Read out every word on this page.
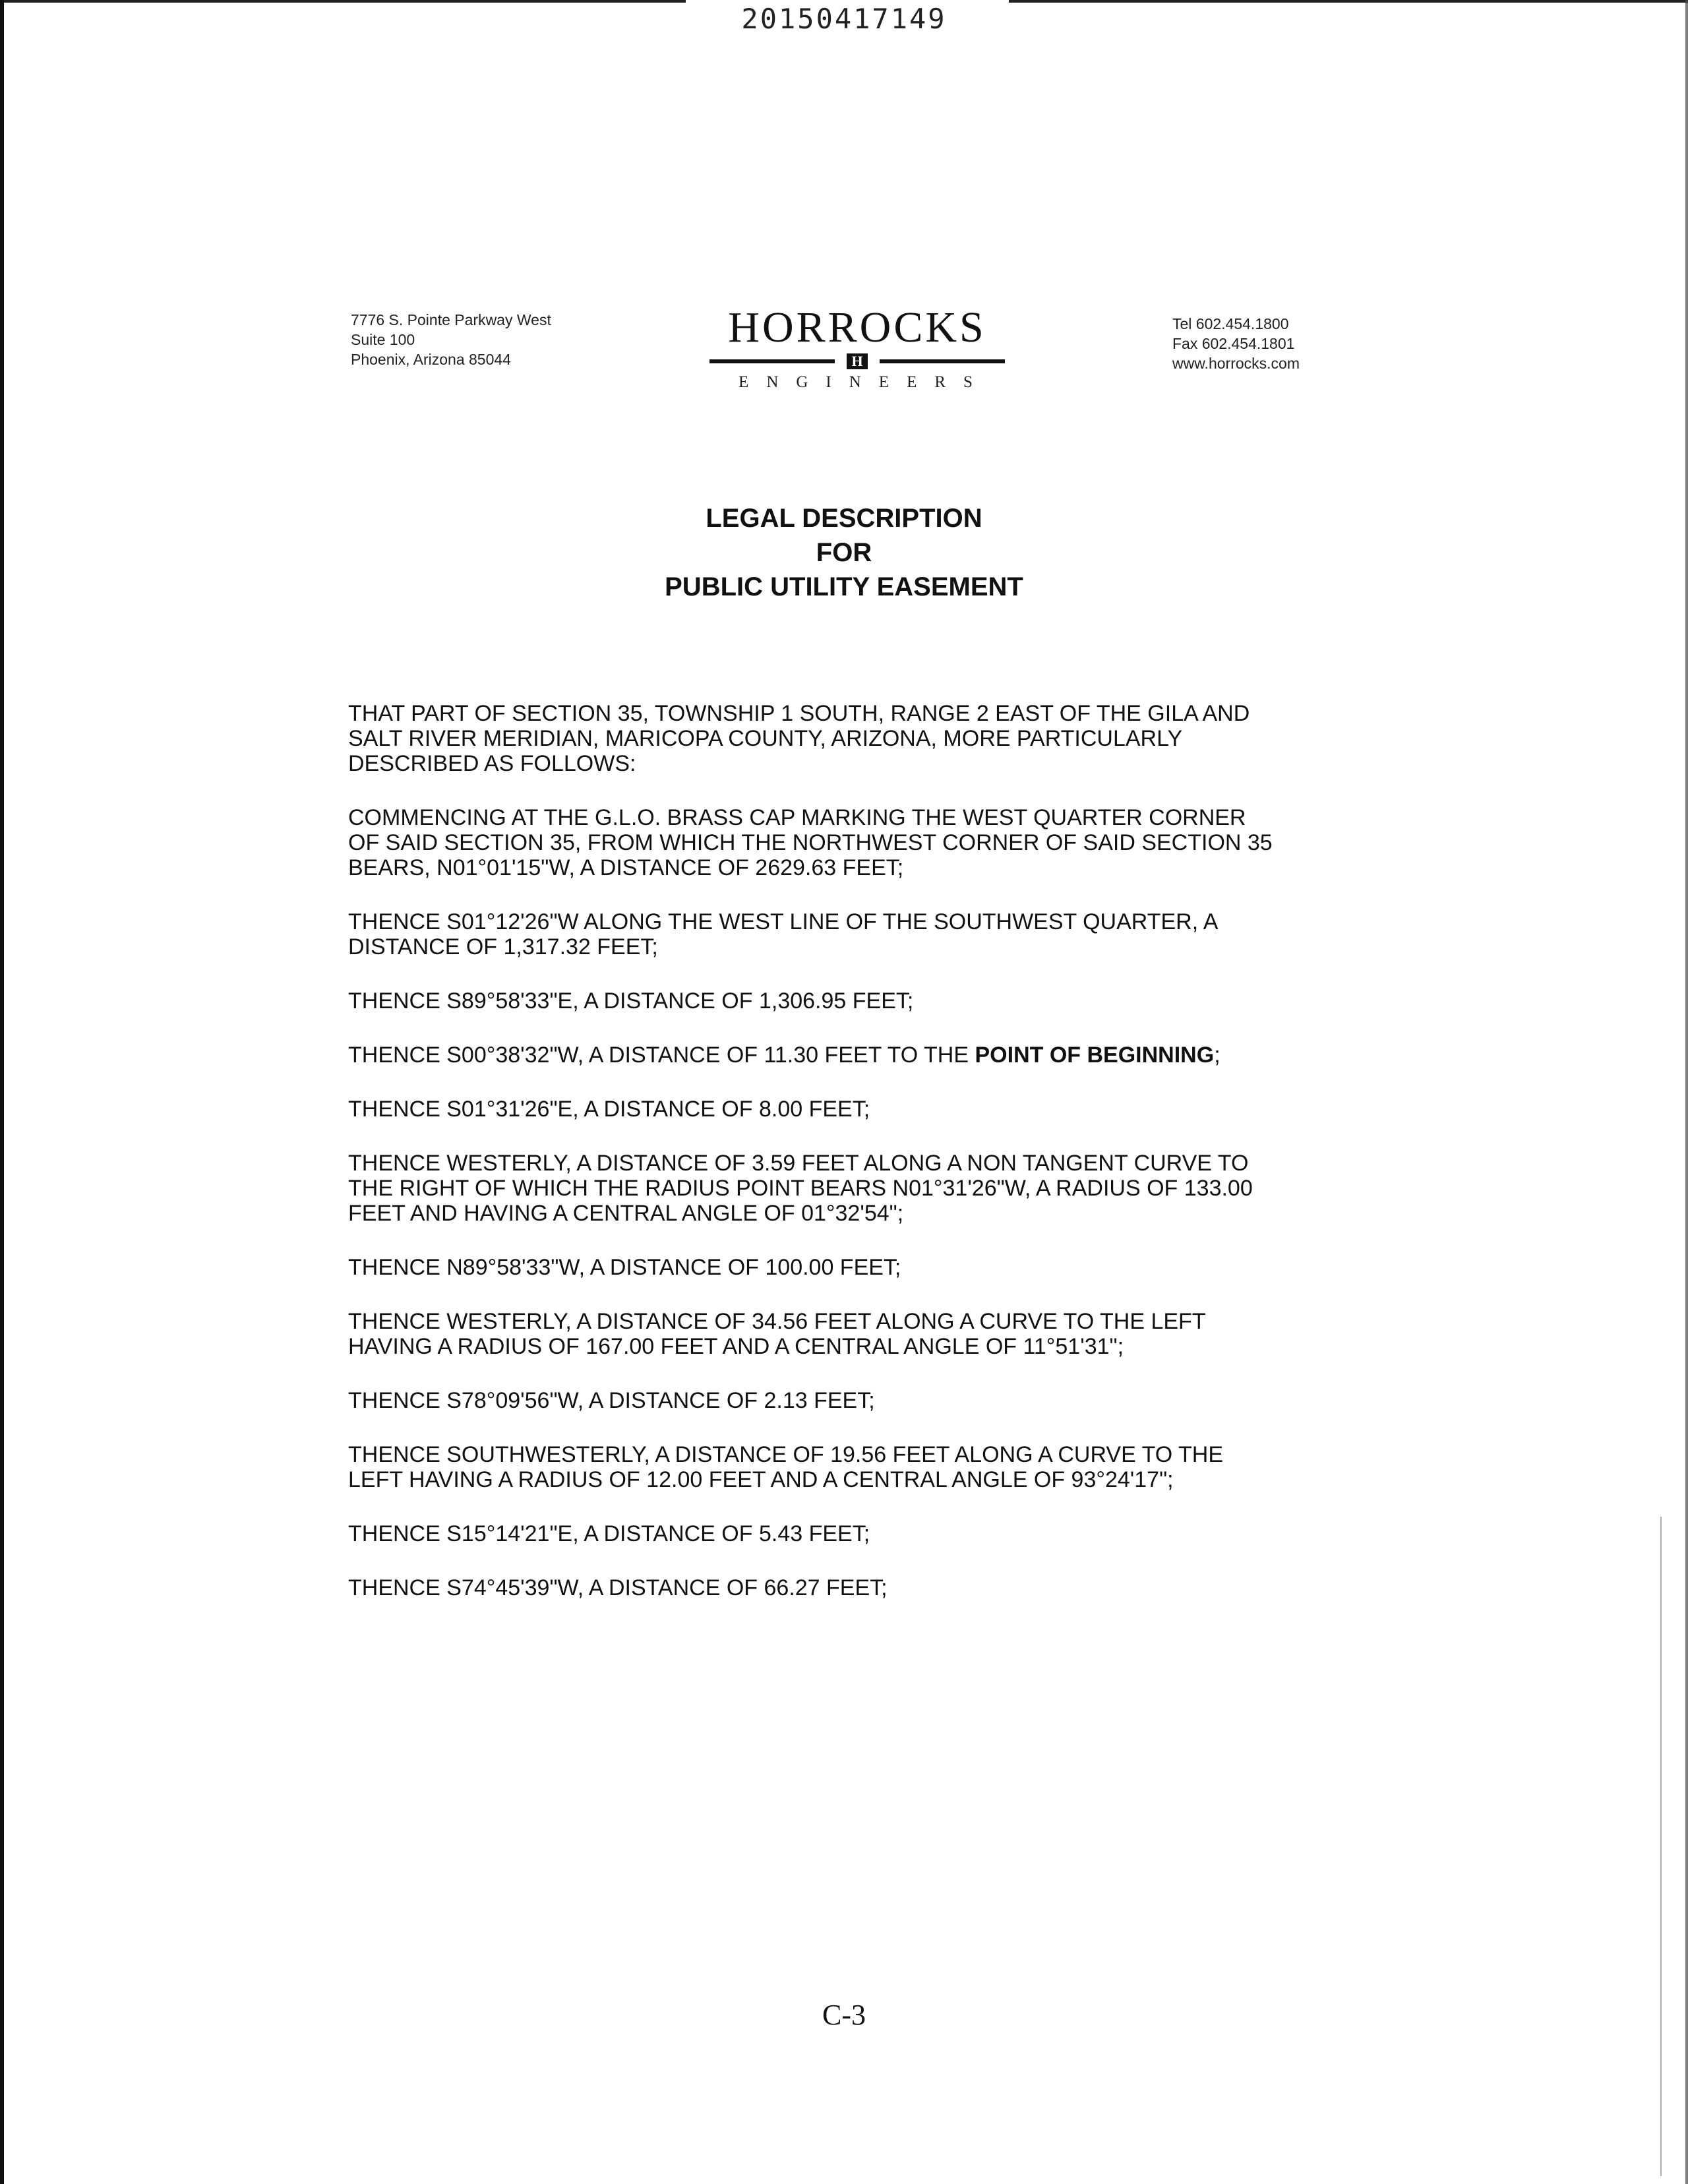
20150417149
7776 S. Pointe Parkway West
Suite 100
Phoenix, Arizona 85044
HORROCKS
H
ENGINEERS
Tel 602.454.1800
Fax 602.454.1801
www.horrocks.com
LEGAL DESCRIPTION
FOR
PUBLIC UTILITY EASEMENT

THAT PART OF SECTION 35, TOWNSHIP 1 SOUTH, RANGE 2 EAST OF THE GILA AND
SALT RIVER MERIDIAN, MARICOPA COUNTY, ARIZONA, MORE PARTICULARLY
DESCRIBED AS FOLLOWS:

COMMENCING AT THE G.L.O. BRASS CAP MARKING THE WEST QUARTER CORNER
OF SAID SECTION 35, FROM WHICH THE NORTHWEST CORNER OF SAID SECTION 35
BEARS, N01°01'15"W, A DISTANCE OF 2629.63 FEET;

THENCE S01°12'26"W ALONG THE WEST LINE OF THE SOUTHWEST QUARTER, A
DISTANCE OF 1,317.32 FEET;

THENCE S89°58'33"E, A DISTANCE OF 1,306.95 FEET;

THENCE S00°38'32"W, A DISTANCE OF 11.30 FEET TO THE POINT OF BEGINNING;

THENCE S01°31'26"E, A DISTANCE OF 8.00 FEET;

THENCE WESTERLY, A DISTANCE OF 3.59 FEET ALONG A NON TANGENT CURVE TO
THE RIGHT OF WHICH THE RADIUS POINT BEARS N01°31'26"W, A RADIUS OF 133.00
FEET AND HAVING A CENTRAL ANGLE OF 01°32'54";

THENCE N89°58'33"W, A DISTANCE OF 100.00 FEET;

THENCE WESTERLY, A DISTANCE OF 34.56 FEET ALONG A CURVE TO THE LEFT
HAVING A RADIUS OF 167.00 FEET AND A CENTRAL ANGLE OF 11°51'31";

THENCE S78°09'56"W, A DISTANCE OF 2.13 FEET;

THENCE SOUTHWESTERLY, A DISTANCE OF 19.56 FEET ALONG A CURVE TO THE
LEFT HAVING A RADIUS OF 12.00 FEET AND A CENTRAL ANGLE OF 93°24'17";

THENCE S15°14'21"E, A DISTANCE OF 5.43 FEET;

THENCE S74°45'39"W, A DISTANCE OF 66.27 FEET;

C-3
